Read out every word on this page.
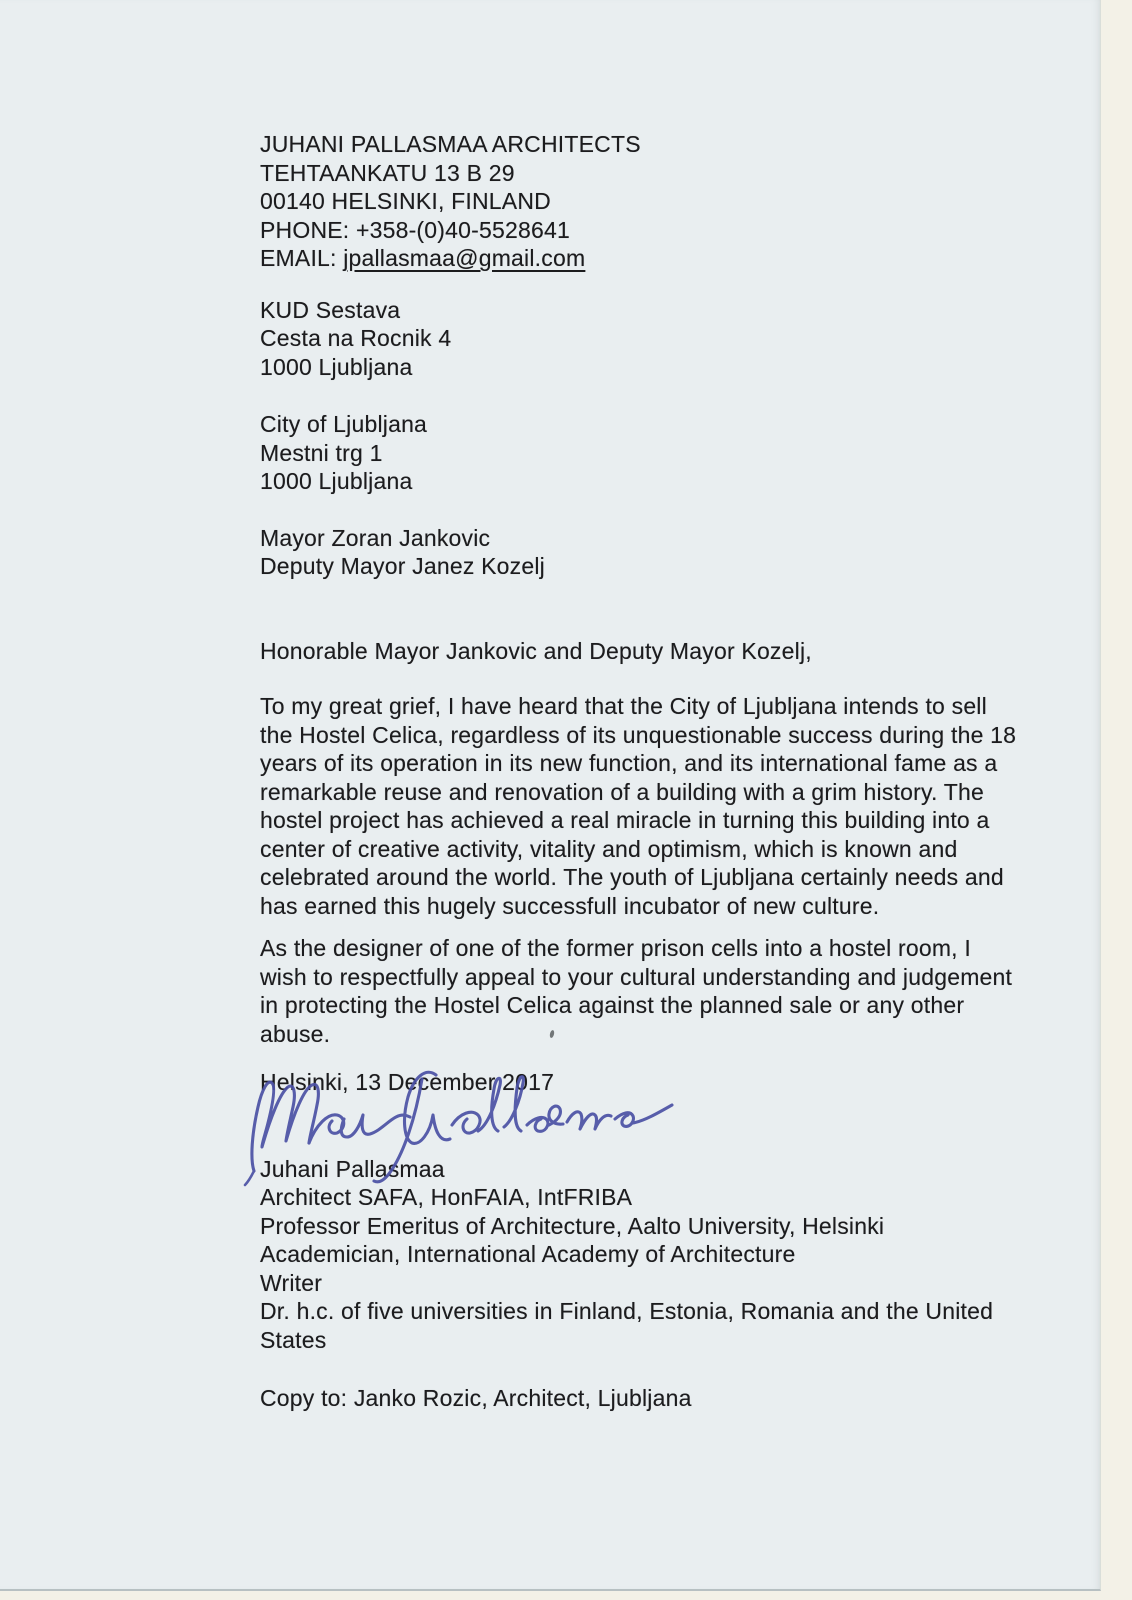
JUHANI PALLASMAA ARCHITECTS
TEHTAANKATU 13 B 29
00140 HELSINKI, FINLAND
PHONE: +358-(0)40-5528641
EMAIL: jpallasmaa@gmail.com
KUD Sestava
Cesta na Rocnik 4
1000 Ljubljana
City of Ljubljana
Mestni trg 1
1000 Ljubljana
Mayor Zoran Jankovic
Deputy Mayor Janez Kozelj
Honorable Mayor Jankovic and Deputy Mayor Kozelj,
To my great grief, I have heard that the City of Ljubljana intends to sell
the Hostel Celica, regardless of its unquestionable success during the 18
years of its operation in its new function, and its international fame as a
remarkable reuse and renovation of a building with a grim history. The
hostel project has achieved a real miracle in turning this building into a
center of creative activity, vitality and optimism, which is known and
celebrated around the world. The youth of Ljubljana certainly needs and
has earned this hugely successfull incubator of new culture.
As the designer of one of the former prison cells into a hostel room, I
wish to respectfully appeal to your cultural understanding and judgement
in protecting the Hostel Celica against the planned sale or any other
abuse.
Helsinki, 13 December 2017
Juhani Pallasmaa
Architect SAFA, HonFAIA, IntFRIBA
Professor Emeritus of Architecture, Aalto University, Helsinki
Academician, International Academy of Architecture
Writer
Dr. h.c. of five universities in Finland, Estonia, Romania and the United
States
Copy to: Janko Rozic, Architect, Ljubljana
